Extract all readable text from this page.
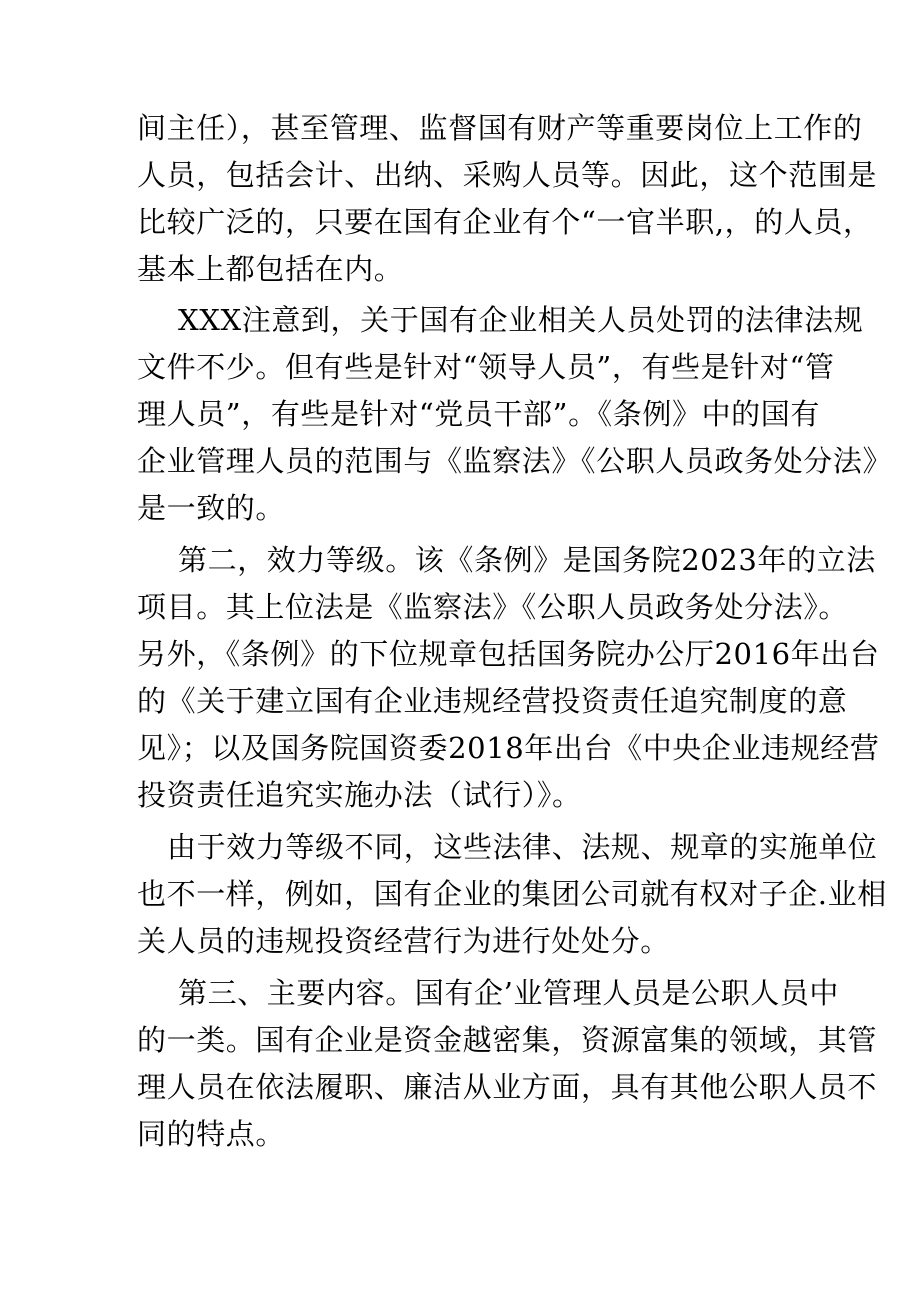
间主任），甚至管理、监督国有财产等重要岗位上工作的
人员，包括会计、出纳、采购人员等。因此，这个范围是
比较广泛的，只要在国有企业有个“一官半职,，的人员，
基本上都包括在内。
XXX注意到，关于国有企业相关人员处罚的法律法规
文件不少。但有些是针对“领导人员”，有些是针对“管
理人员”，有些是针对“党员干部”。《条例》中的国有
企业管理人员的范围与《监察法》《公职人员政务处分法》
是一致的。
第二，效力等级。该《条例》是国务院2023年的立法
项目。其上位法是《监察法》《公职人员政务处分法》。
另外，《条例》的下位规章包括国务院办公厅2016年出台
的《关于建立国有企业违规经营投资责任追究制度的意
见》；以及国务院国资委2018年出台《中央企业违规经营
投资责任追究实施办法（试行）》。
由于效力等级不同，这些法律、法规、规章的实施单位
也不一样，例如，国有企业的集团公司就有权对子企.业相
关人员的违规投资经营行为进行处处分。
第三、主要内容。国有企’业管理人员是公职人员中
的一类。国有企业是资金越密集，资源富集的领域，其管
理人员在依法履职、廉洁从业方面，具有其他公职人员不
同的特点。
